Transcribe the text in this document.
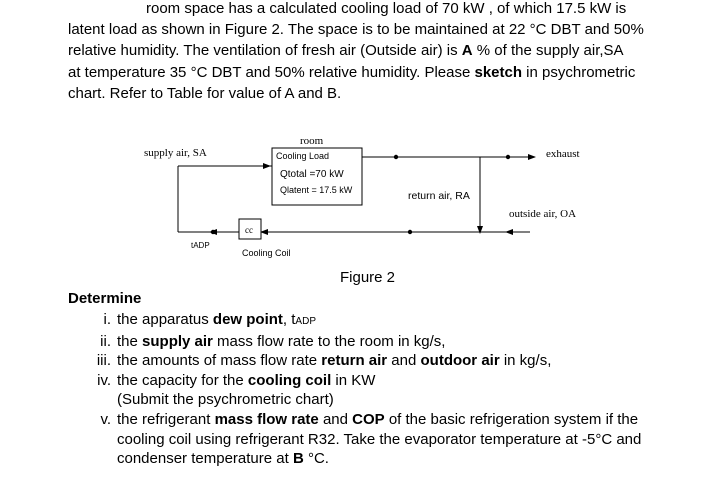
room space has a calculated cooling load of 70 kW , of which 17.5 kW is
latent load as shown in Figure 2. The space is to be maintained at 22 °C DBT and 50%
relative humidity. The ventilation of fresh air (Outside air) is A % of the supply air,SA
at temperature 35 °C DBT and 50% relative humidity. Please sketch in psychrometric
chart. Refer to Table for value of A and B.
room
Cooling Load
Qtotal =70 kW
Qlatent = 17.5 kW
supply air, SA	exhaust
return air, RA
outside air, OA
cc
tADP
Cooling Coil
Figure 2
Determine
i. the apparatus dew point, tADP
ii. the supply air mass flow rate to the room in kg/s,
iii. the amounts of mass flow rate return air and outdoor air in kg/s,
iv. the capacity for the cooling coil in KW
(Submit the psychrometric chart)
v. the refrigerant mass flow rate and COP of the basic refrigeration system if the
cooling coil using refrigerant R32. Take the evaporator temperature at -5°C and
condenser temperature at B °C.
